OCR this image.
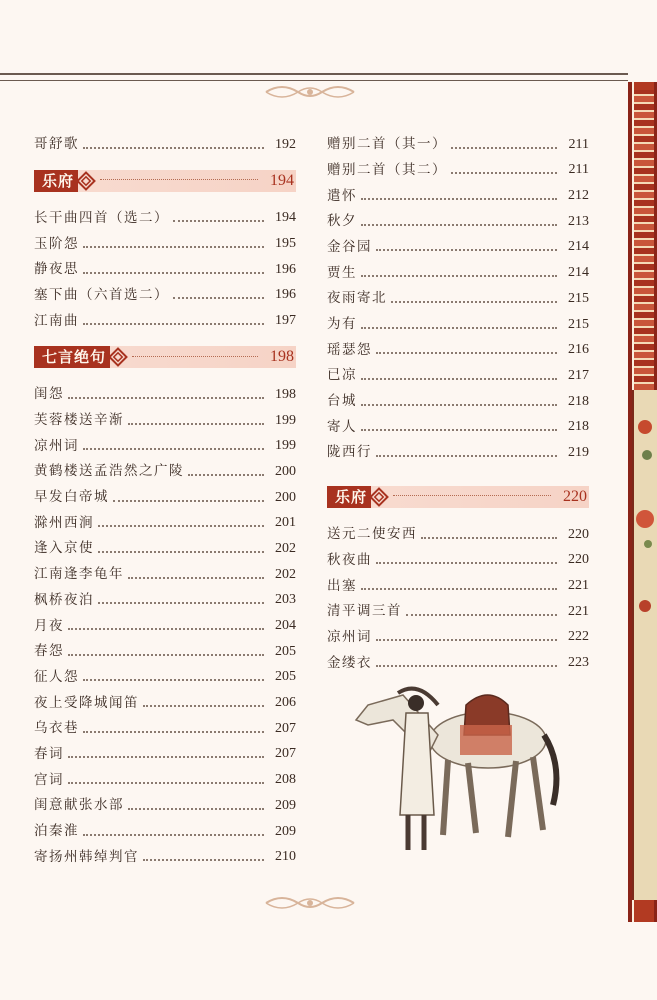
哥舒歌	192
乐府	194
长干曲四首（选二）	194
玉阶怨	195
静夜思	196
塞下曲（六首选二）	196
江南曲	197
七言绝句	198
闺怨	198
芙蓉楼送辛渐	199
凉州词	199
黄鹤楼送孟浩然之广陵	200
早发白帝城	200
滁州西涧	201
逢入京使	202
江南逢李龟年	202
枫桥夜泊	203
月夜	204
春怨	205
征人怨	205
夜上受降城闻笛	206
乌衣巷	207
春词	207
宫词	208
闺意献张水部	209
泊秦淮	209
寄扬州韩绰判官	210
赠别二首（其一）	211
赠别二首（其二）	211
遣怀	212
秋夕	213
金谷园	214
贾生	214
夜雨寄北	215
为有	215
瑶瑟怨	216
已凉	217
台城	218
寄人	218
陇西行	219
乐府	220
送元二使安西	220
秋夜曲	220
出塞	221
清平调三首	221
凉州词	222
金缕衣	223
